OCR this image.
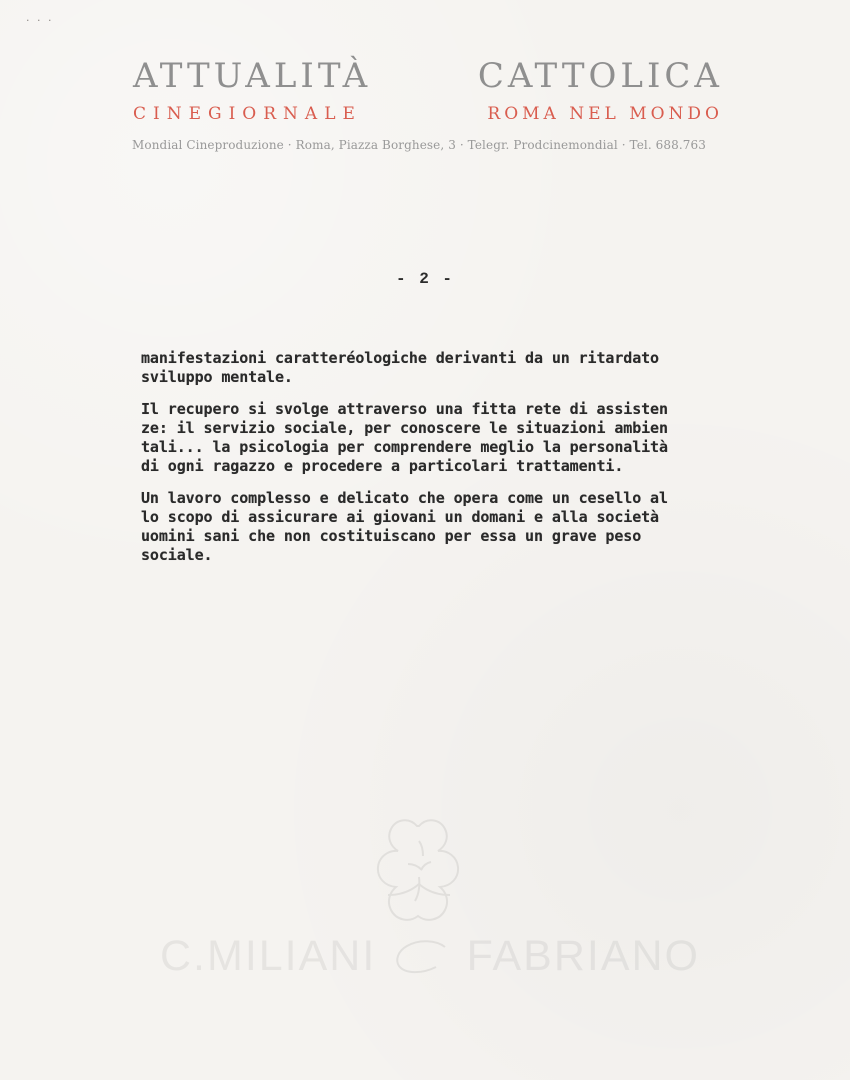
· · ·
ATTUALITÀ	CATTOLICA
CINEGIORNALE	ROMA NEL MONDO
Mondial Cineproduzione · Roma, Piazza Borghese, 3 · Telegr. Prodcinemondial · Tel. 688.763
- 2 -
manifestazioni caratteréologiche derivanti da un ritardato
sviluppo mentale.
Il recupero si svolge attraverso una fitta rete di assisten
ze: il servizio sociale, per conoscere le situazioni ambien
tali... la psicologia per comprendere meglio la personalità
di ogni ragazzo e procedere a particolari trattamenti.
Un lavoro complesso e delicato che opera come un cesello al
lo scopo di assicurare ai giovani un domani e alla società
uomini sani che non costituiscano per essa un grave peso
sociale.
C.MILIANI FABRIANO
